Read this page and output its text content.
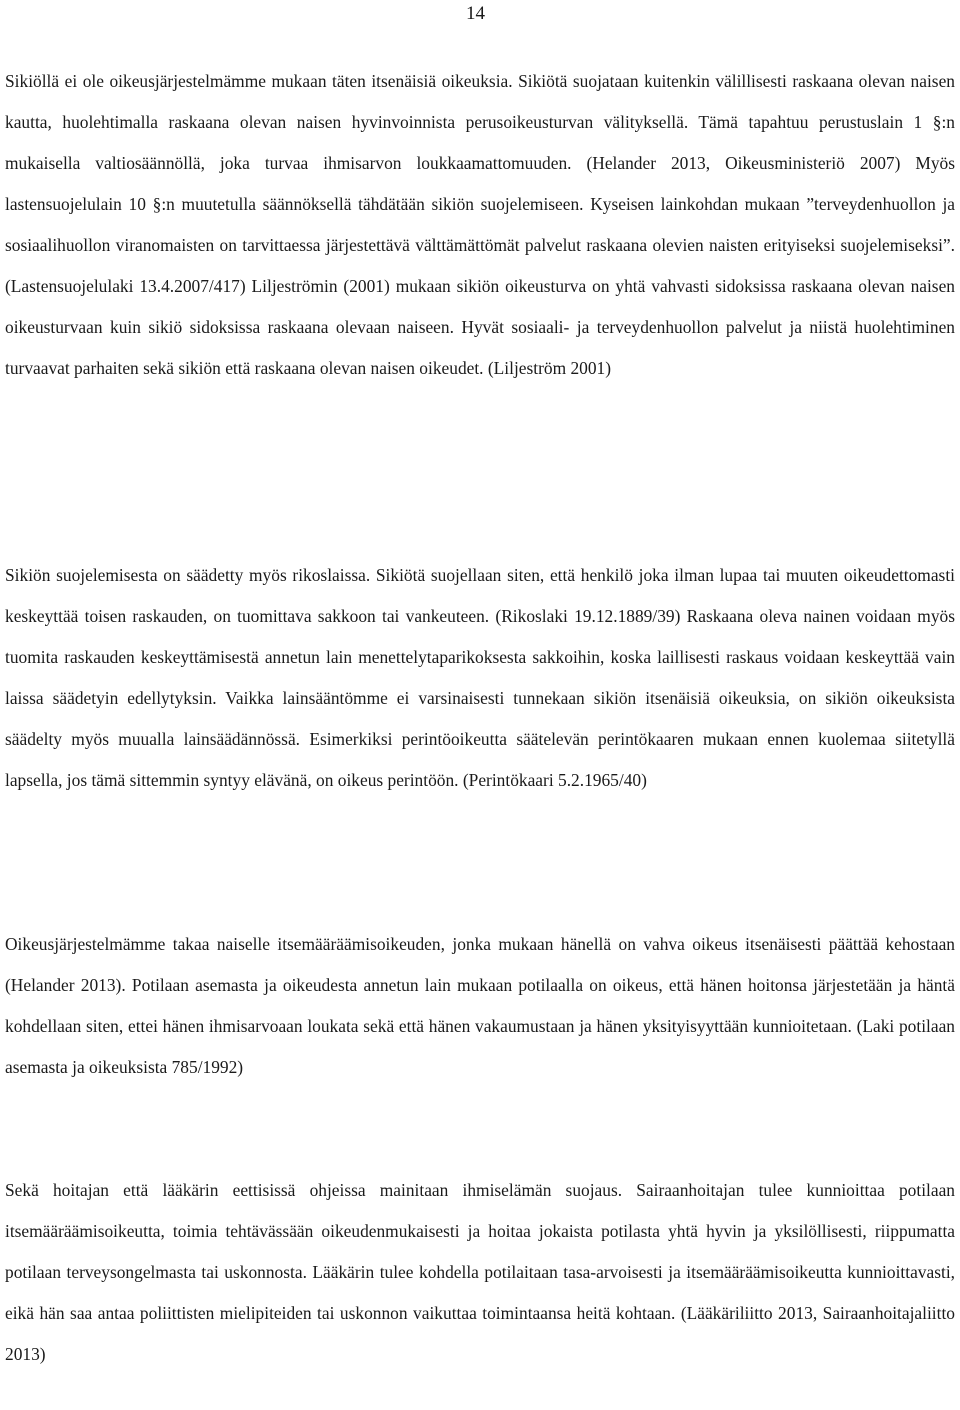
14

Sikiöllä ei ole oikeusjärjestelmämme mukaan täten itsenäisiä oikeuksia. Sikiötä suojataan kuitenkin välillisesti raskaana olevan naisen kautta, huolehtimalla raskaana olevan naisen hyvinvoinnista perusoikeusturvan välityksellä. Tämä tapahtuu perustuslain 1 §:n mukaisella valtiosäännöllä, joka turvaa ihmisarvon loukkaamattomuuden. (Helander 2013, Oikeusministeriö 2007) Myös lastensuojelulain 10 §:n muutetulla säännöksellä tähdätään sikiön suojelemiseen. Kyseisen lainkohdan mukaan ”terveydenhuollon ja sosiaalihuollon viranomaisten on tarvittaessa järjestettävä välttämättömät palvelut raskaana olevien naisten erityiseksi suojelemiseksi”. (Lastensuojelulaki 13.4.2007/417) Liljeströmin (2001) mukaan sikiön oikeusturva on yhtä vahvasti sidoksissa raskaana olevan naisen oikeusturvaan kuin sikiö sidoksissa raskaana olevaan naiseen. Hyvät sosiaali- ja terveydenhuollon palvelut ja niistä huolehtiminen turvaavat parhaiten sekä sikiön että raskaana olevan naisen oikeudet. (Liljeström 2001)

Sikiön suojelemisesta on säädetty myös rikoslaissa. Sikiötä suojellaan siten, että henkilö joka ilman lupaa tai muuten oikeudettomasti keskeyttää toisen raskauden, on tuomittava sakkoon tai vankeuteen. (Rikoslaki 19.12.1889/39) Raskaana oleva nainen voidaan myös tuomita raskauden keskeyttämisestä annetun lain menettelytaparikoksesta sakkoihin, koska laillisesti raskaus voidaan keskeyttää vain laissa säädetyin edellytyksin. Vaikka lainsääntömme ei varsinaisesti tunnekaan sikiön itsenäisiä oikeuksia, on sikiön oikeuksista säädelty myös muualla lainsäädännössä. Esimerkiksi perintöoikeutta säätelevän perintökaaren mukaan ennen kuolemaa siitetyllä lapsella, jos tämä sittemmin syntyy elävänä, on oikeus perintöön. (Perintökaari 5.2.1965/40)

Oikeusjärjestelmämme takaa naiselle itsemääräämisoikeuden, jonka mukaan hänellä on vahva oikeus itsenäisesti päättää kehostaan (Helander 2013). Potilaan asemasta ja oikeudesta annetun lain mukaan potilaalla on oikeus, että hänen hoitonsa järjestetään ja häntä kohdellaan siten, ettei hänen ihmisarvoaan loukata sekä että hänen vakaumustaan ja hänen yksityisyyttään kunnioitetaan. (Laki potilaan asemasta ja oikeuksista 785/1992)

Sekä hoitajan että lääkärin eettisissä ohjeissa mainitaan ihmiselämän suojaus. Sairaanhoitajan tulee kunnioittaa potilaan itsemääräämisoikeutta, toimia tehtävässään oikeudenmukaisesti ja hoitaa jokaista potilasta yhtä hyvin ja yksilöllisesti, riippumatta potilaan terveysongelmasta tai uskonnosta. Lääkärin tulee kohdella potilaitaan tasa-arvoisesti ja itsemääräämisoikeutta kunnioittavasti, eikä hän saa antaa poliittisten mielipiteiden tai uskonnon vaikuttaa toimintaansa heitä kohtaan. (Lääkäriliitto 2013, Sairaanhoitajaliitto 2013)
